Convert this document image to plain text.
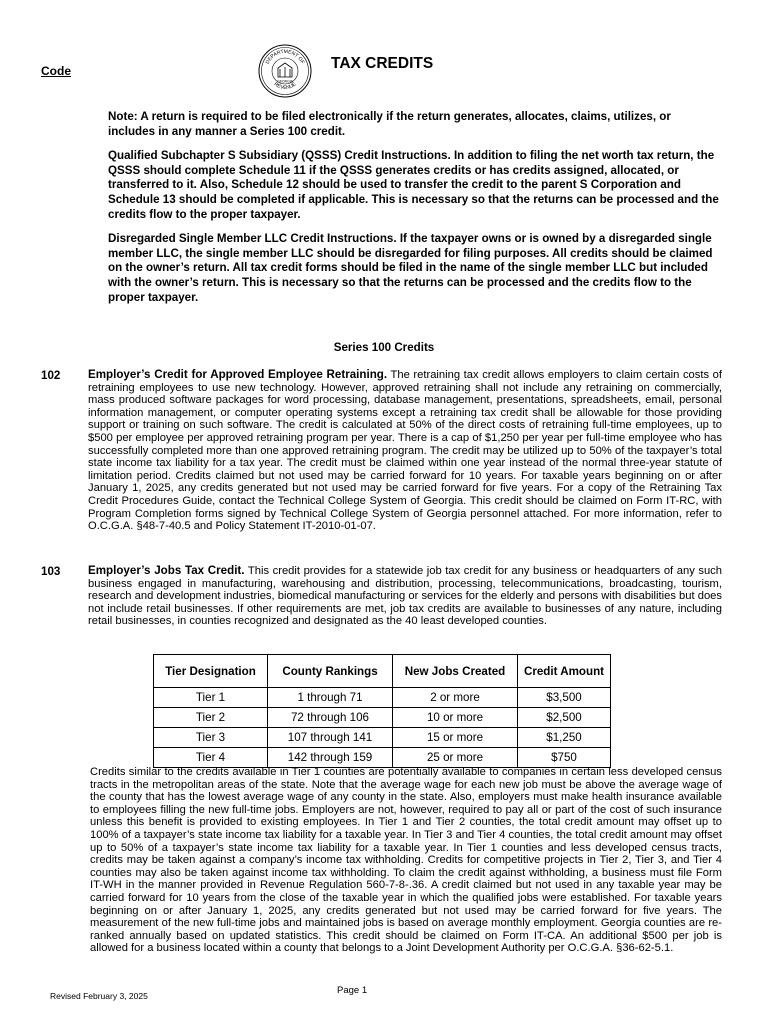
Code
DEPARTMENT OF
REVENUE
GEORGIA
TAX CREDITS

Note: A return is required to be filed electronically if the return generates, allocates, claims, utilizes, or includes in any manner a Series 100 credit.

Qualified Subchapter S Subsidiary (QSSS) Credit Instructions. In addition to filing the net worth tax return, the QSSS should complete Schedule 11 if the QSSS generates credits or has credits assigned, allocated, or transferred to it. Also, Schedule 12 should be used to transfer the credit to the parent S Corporation and Schedule 13 should be completed if applicable. This is necessary so that the returns can be processed and the credits flow to the proper taxpayer.

Disregarded Single Member LLC Credit Instructions. If the taxpayer owns or is owned by a disregarded single member LLC, the single member LLC should be disregarded for filing purposes. All credits should be claimed on the owner’s return. All tax credit forms should be filed in the name of the single member LLC but included with the owner’s return. This is necessary so that the returns can be processed and the credits flow to the proper taxpayer.

Series 100 Credits
102 Employer’s Credit for Approved Employee Retraining. The retraining tax credit allows employers to claim certain costs of retraining employees to use new technology. However, approved retraining shall not include any retraining on commercially, mass produced software packages for word processing, database management, presentations, spreadsheets, email, personal information management, or computer operating systems except a retraining tax credit shall be allowable for those providing support or training on such software. The credit is calculated at 50% of the direct costs of retraining full-time employees, up to $500 per employee per approved retraining program per year. There is a cap of $1,250 per year per full-time employee who has successfully completed more than one approved retraining program. The credit may be utilized up to 50% of the taxpayer’s total state income tax liability for a tax year. The credit must be claimed within one year instead of the normal three-year statute of limitation period. Credits claimed but not used may be carried forward for 10 years. For taxable years beginning on or after January 1, 2025, any credits generated but not used may be carried forward for five years. For a copy of the Retraining Tax Credit Procedures Guide, contact the Technical College System of Georgia. This credit should be claimed on Form IT-RC, with Program Completion forms signed by Technical College System of Georgia personnel attached. For more information, refer to O.C.G.A. §48-7-40.5 and Policy Statement IT-2010-01-07.
103 Employer’s Jobs Tax Credit. This credit provides for a statewide job tax credit for any business or headquarters of any such business engaged in manufacturing, warehousing and distribution, processing, telecommunications, broadcasting, tourism, research and development industries, biomedical manufacturing or services for the elderly and persons with disabilities but does not include retail businesses. If other requirements are met, job tax credits are available to businesses of any nature, including retail businesses, in counties recognized and designated as the 40 least developed counties.
Tier Designation	County Rankings	New Jobs Created	Credit Amount
Tier 1	1 through 71	2 or more	$3,500
Tier 2	72 through 106	10 or more	$2,500
Tier 3	107 through 141	15 or more	$1,250
Tier 4	142 through 159	25 or more	$750
Credits similar to the credits available in Tier 1 counties are potentially available to companies in certain less developed census tracts in the metropolitan areas of the state. Note that the average wage for each new job must be above the average wage of the county that has the lowest average wage of any county in the state. Also, employers must make health insurance available to employees filling the new full-time jobs. Employers are not, however, required to pay all or part of the cost of such insurance unless this benefit is provided to existing employees. In Tier 1 and Tier 2 counties, the total credit amount may offset up to 100% of a taxpayer’s state income tax liability for a taxable year. In Tier 3 and Tier 4 counties, the total credit amount may offset up to 50% of a taxpayer’s state income tax liability for a taxable year. In Tier 1 counties and less developed census tracts, credits may be taken against a company’s income tax withholding. Credits for competitive projects in Tier 2, Tier 3, and Tier 4 counties may also be taken against income tax withholding. To claim the credit against withholding, a business must file Form IT-WH in the manner provided in Revenue Regulation 560-7-8-.36. A credit claimed but not used in any taxable year may be carried forward for 10 years from the close of the taxable year in which the qualified jobs were established. For taxable years beginning on or after January 1, 2025, any credits generated but not used may be carried forward for five years. The measurement of the new full-time jobs and maintained jobs is based on average monthly employment. Georgia counties are re-ranked annually based on updated statistics. This credit should be claimed on Form IT-CA. An additional $500 per job is allowed for a business located within a county that belongs to a Joint Development Authority per O.C.G.A. §36-62-5.1.
Revised February 3, 2025	Page 1
